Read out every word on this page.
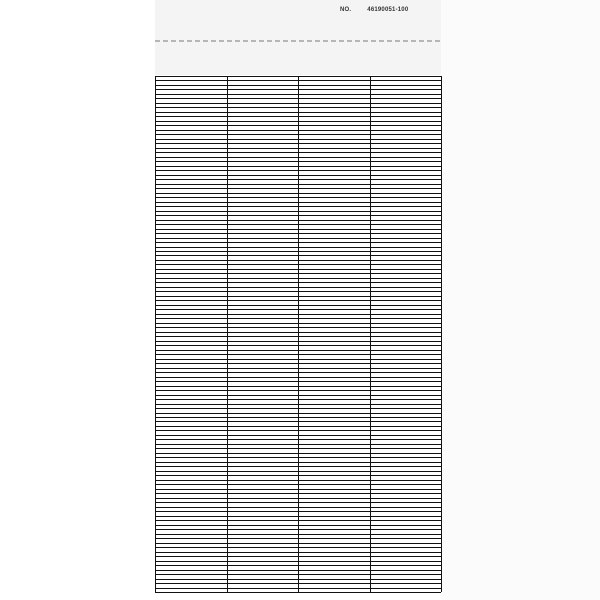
NO.	46190051-100
